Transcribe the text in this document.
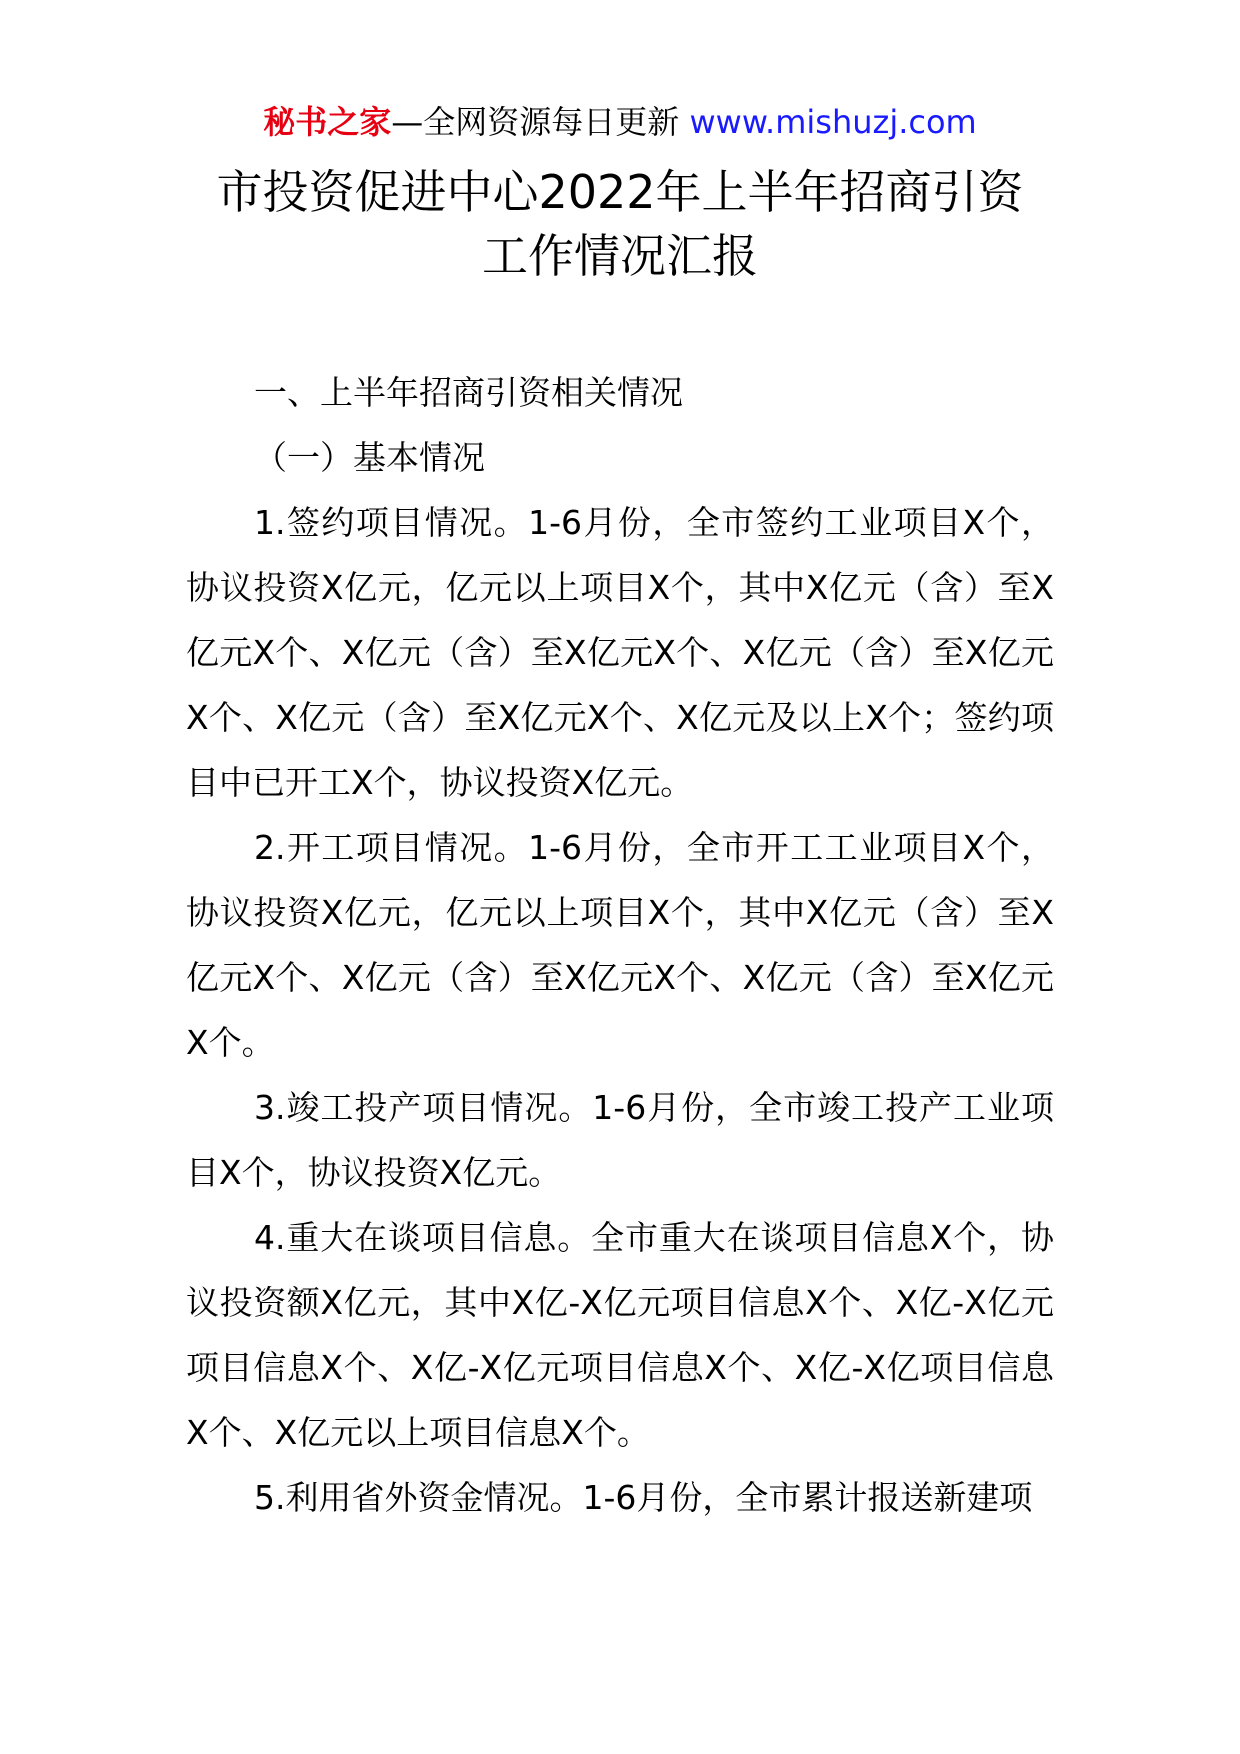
秘书之家—全网资源每日更新 www.mishuzj.com
市投资促进中心2022年上半年招商引资
工作情况汇报

一、上半年招商引资相关情况

（一）基本情况

1.签约项目情况。1-6月份，全市签约工业项目X个，协议投资X亿元，亿元以上项目X个，其中X亿元（含）至X亿元X个、X亿元（含）至X亿元X个、X亿元（含）至X亿元X个、X亿元（含）至X亿元X个、X亿元及以上X个；签约项目中已开工X个，协议投资X亿元。

2.开工项目情况。1-6月份，全市开工工业项目X个，协议投资X亿元，亿元以上项目X个，其中X亿元（含）至X亿元X个、X亿元（含）至X亿元X个、X亿元（含）至X亿元X个。

3.竣工投产项目情况。1-6月份，全市竣工投产工业项目X个，协议投资X亿元。

4.重大在谈项目信息。全市重大在谈项目信息X个，协议投资额X亿元，其中X亿-X亿元项目信息X个、X亿-X亿元项目信息X个、X亿-X亿元项目信息X个、X亿-X亿项目信息X个、X亿元以上项目信息X个。

5.利用省外资金情况。1-6月份，全市累计报送新建项
